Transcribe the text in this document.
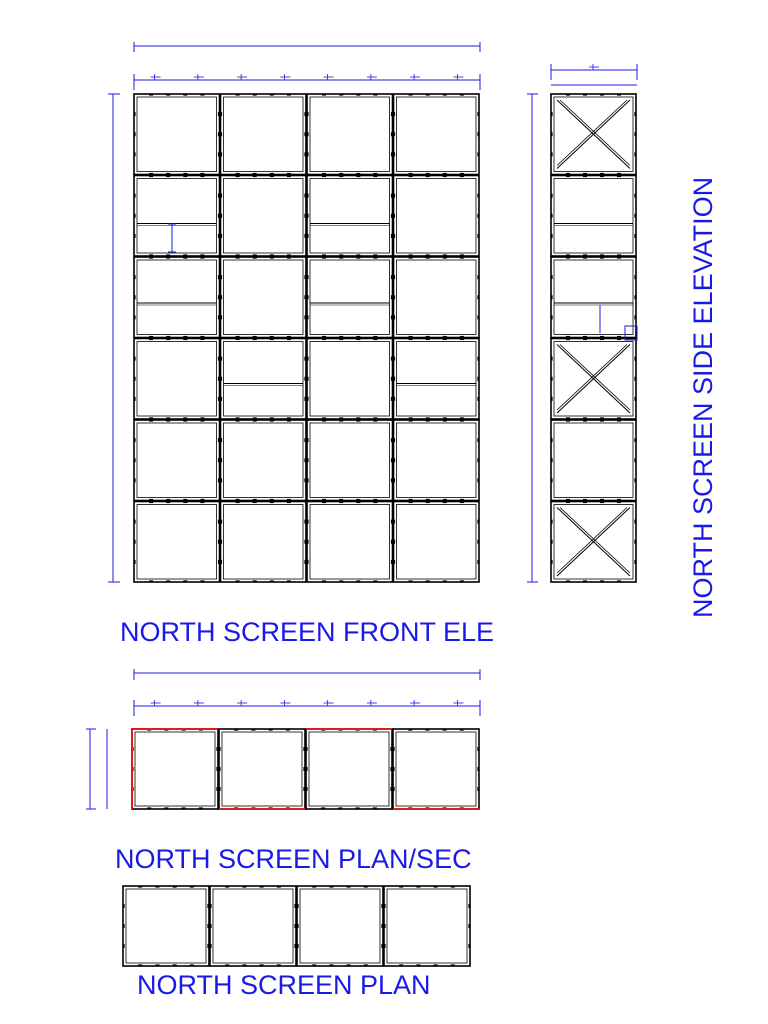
NORTH SCREEN FRONT ELE
NORTH SCREEN SIDE ELEVATION
NORTH SCREEN PLAN/SEC
NORTH SCREEN PLAN
